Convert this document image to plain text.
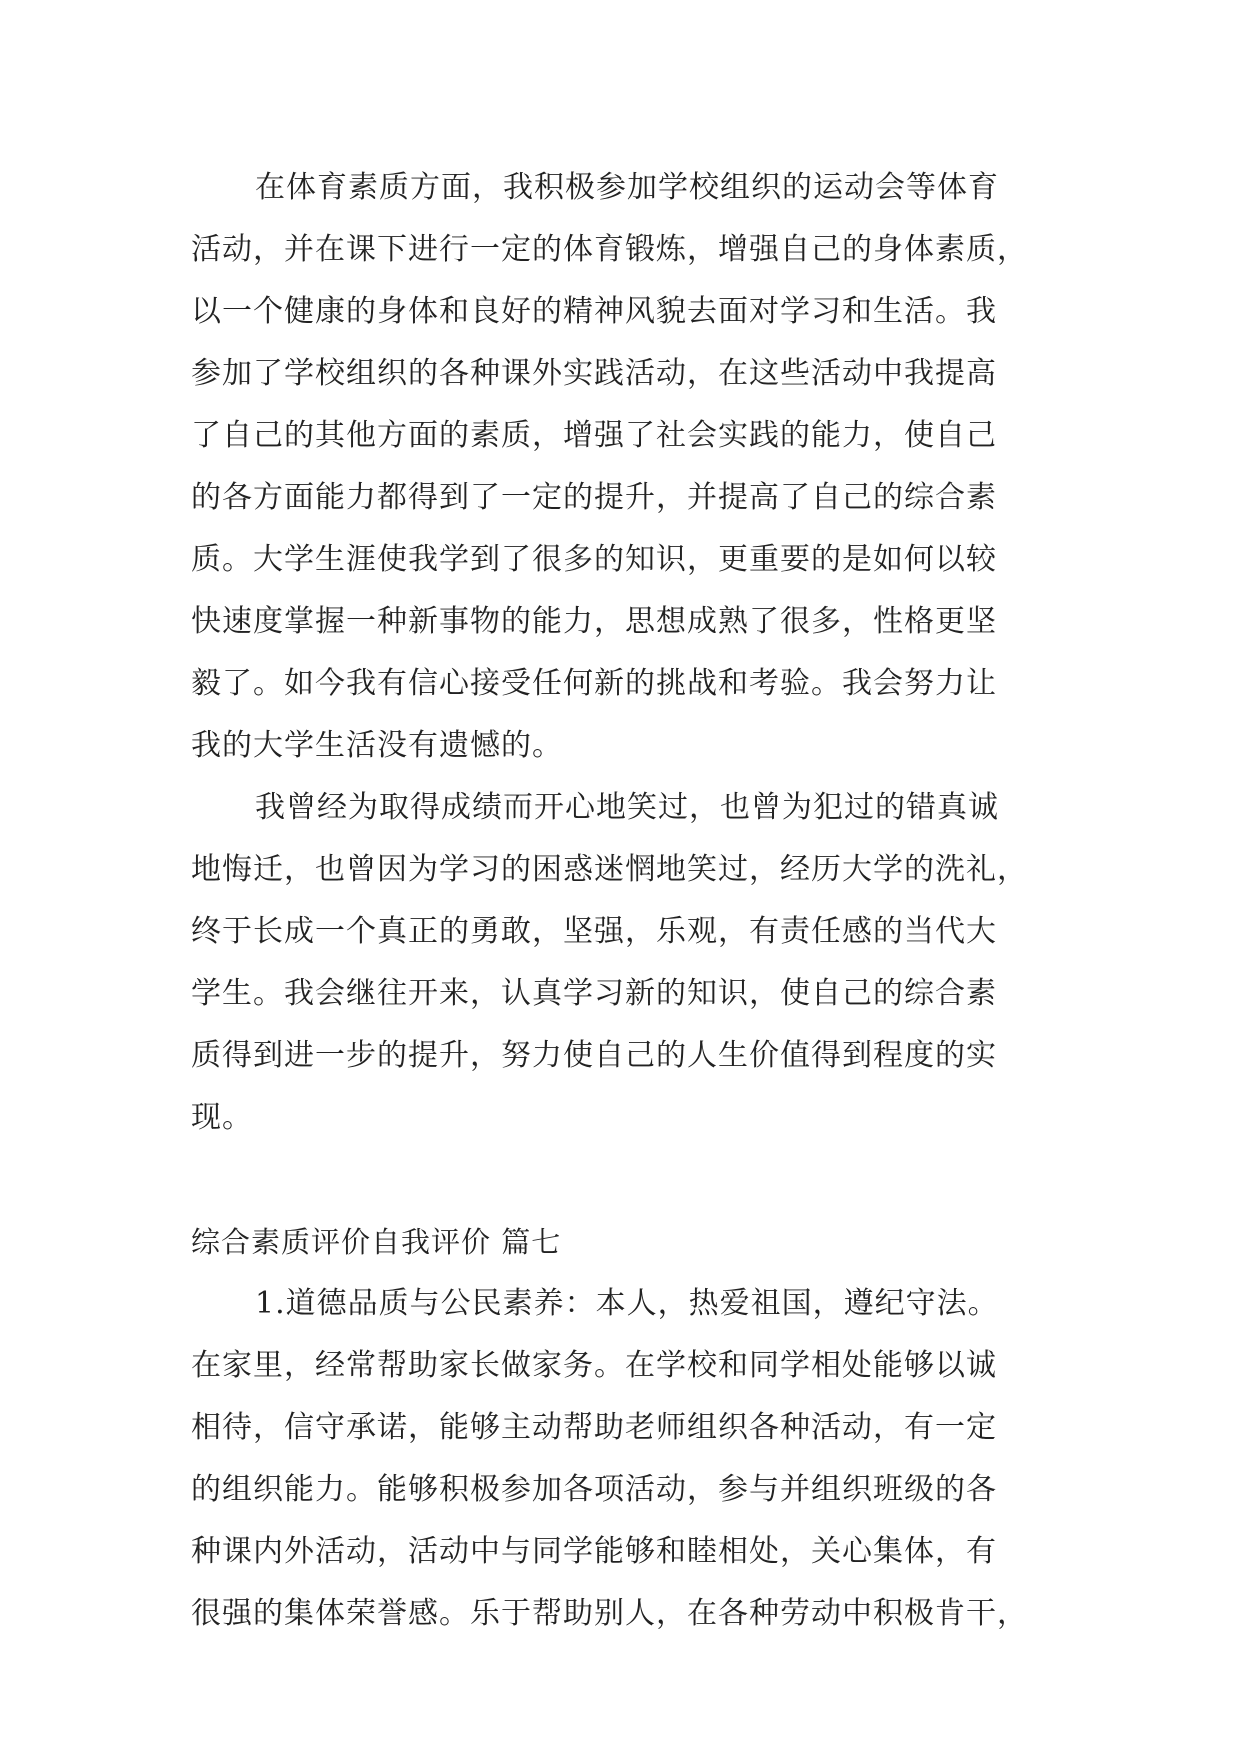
在体育素质方面，我积极参加学校组织的运动会等体育
活动，并在课下进行一定的体育锻炼，增强自己的身体素质，
以一个健康的身体和良好的精神风貌去面对学习和生活。我
参加了学校组织的各种课外实践活动，在这些活动中我提高
了自己的其他方面的素质，增强了社会实践的能力，使自己
的各方面能力都得到了一定的提升，并提高了自己的综合素
质。大学生涯使我学到了很多的知识，更重要的是如何以较
快速度掌握一种新事物的能力，思想成熟了很多，性格更坚
毅了。如今我有信心接受任何新的挑战和考验。我会努力让
我的大学生活没有遗憾的。
我曾经为取得成绩而开心地笑过，也曾为犯过的错真诚
地悔迁，也曾因为学习的困惑迷惘地笑过，经历大学的洗礼，
终于长成一个真正的勇敢，坚强，乐观，有责任感的当代大
学生。我会继往开来，认真学习新的知识，使自己的综合素
质得到进一步的提升，努力使自己的人生价值得到程度的实
现。
综合素质评价自我评价 篇七
1.道德品质与公民素养：本人，热爱祖国，遵纪守法。
在家里，经常帮助家长做家务。在学校和同学相处能够以诚
相待，信守承诺，能够主动帮助老师组织各种活动，有一定
的组织能力。能够积极参加各项活动，参与并组织班级的各
种课内外活动，活动中与同学能够和睦相处，关心集体，有
很强的集体荣誉感。乐于帮助别人，在各种劳动中积极肯干，
